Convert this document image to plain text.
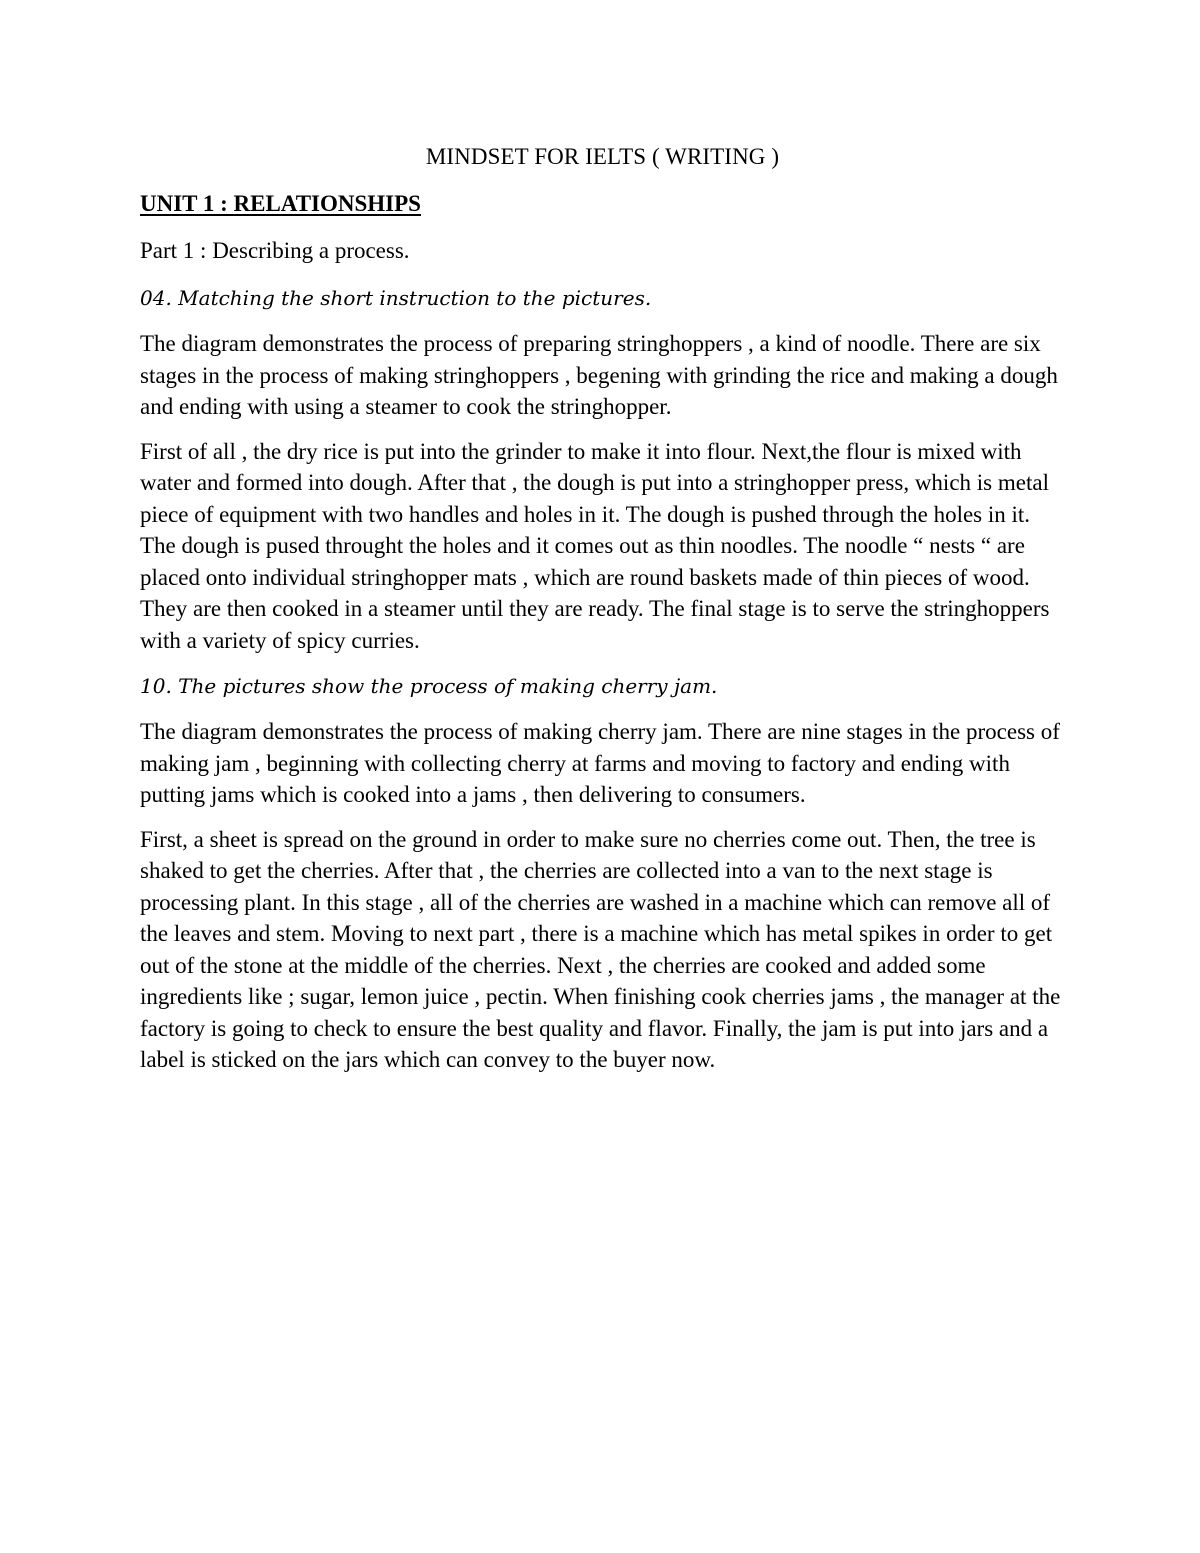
MINDSET FOR IELTS ( WRITING )
UNIT 1 : RELATIONSHIPS
Part 1 : Describing a process.
04. Matching the short instruction to the pictures.

The diagram demonstrates the process of preparing stringhoppers , a kind of noodle. There are six stages in the process of making stringhoppers , begening with grinding the rice and making a dough and ending with using a steamer to cook the stringhopper.

First of all , the dry rice is put into the grinder to make it into flour. Next,the flour is mixed with water and formed into dough. After that , the dough is put into a stringhopper press, which is metal piece of equipment with two handles and holes in it. The dough is pushed through the holes in it. The dough is pused throught the holes and it comes out as thin noodles. The noodle “ nests “ are placed onto individual stringhopper mats , which are round baskets made of thin pieces of wood. They are then cooked in a steamer until they are ready. The final stage is to serve the stringhoppers with a variety of spicy curries.

10. The pictures show the process of making cherry jam.

The diagram demonstrates the process of making cherry jam. There are nine stages in the process of making jam , beginning with collecting cherry at farms and moving to factory and ending with putting jams which is cooked into a jams , then delivering to consumers.

First, a sheet is spread on the ground in order to make sure no cherries come out. Then, the tree is shaked to get the cherries. After that , the cherries are collected into a van to the next stage is processing plant. In this stage , all of the cherries are washed in a machine which can remove all of the leaves and stem. Moving to next part , there is a machine which has metal spikes in order to get out of the stone at the middle of the cherries. Next , the cherries are cooked and added some ingredients like ; sugar, lemon juice , pectin. When finishing cook cherries jams , the manager at the factory is going to check to ensure the best quality and flavor. Finally, the jam is put into jars and a label is sticked on the jars which can convey to the buyer now.
